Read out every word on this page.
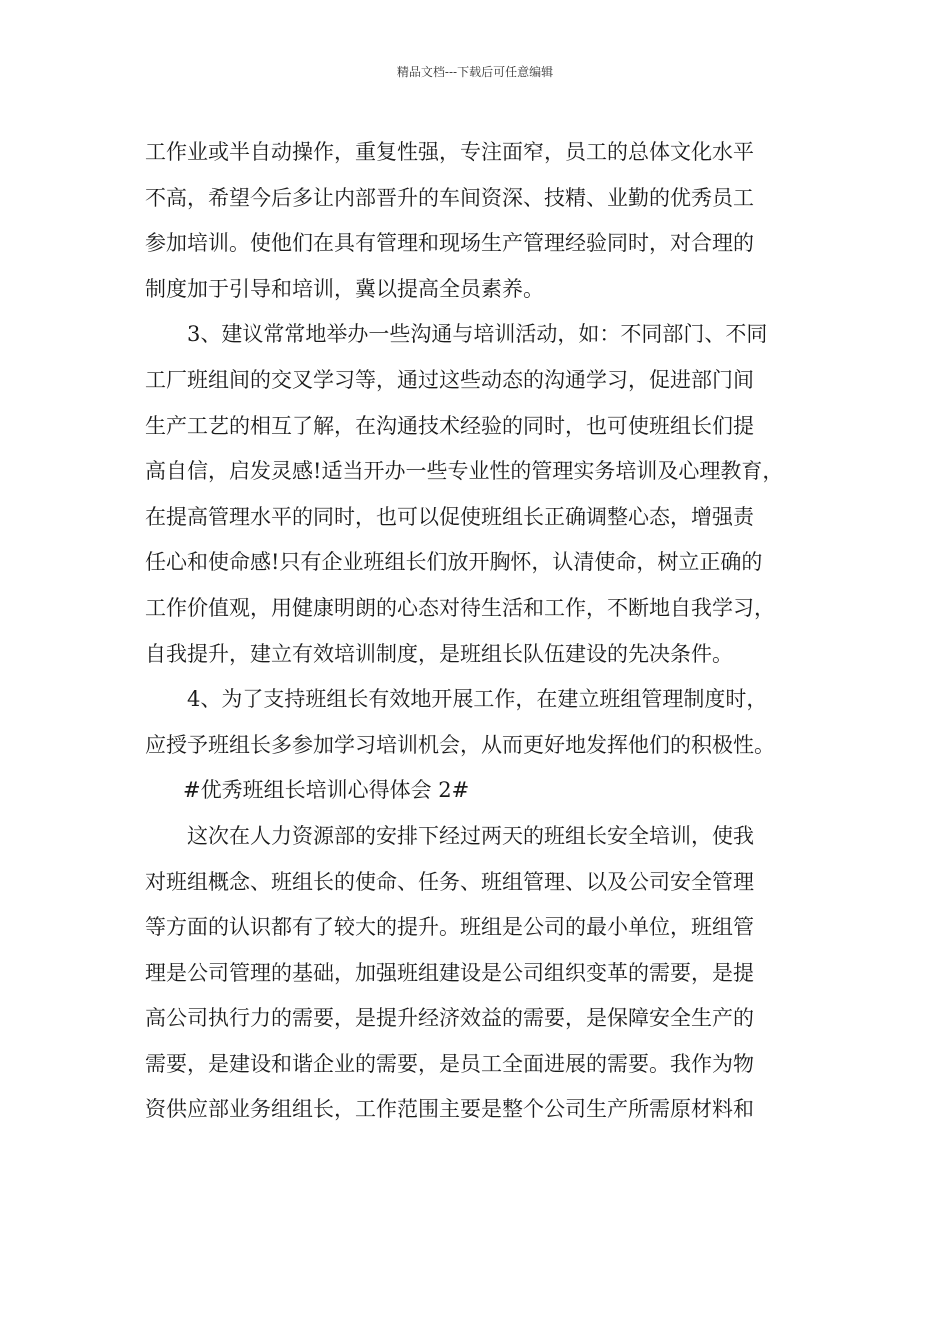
精品文档---下载后可任意编辑

工作业或半自动操作，重复性强，专注面窄，员工的总体文化水平

不高，希望今后多让内部晋升的车间资深、技精、业勤的优秀员工

参加培训。使他们在具有管理和现场生产管理经验同时，对合理的

制度加于引导和培训，冀以提高全员素养。

3、建议常常地举办一些沟通与培训活动，如：不同部门、不同

工厂班组间的交叉学习等，通过这些动态的沟通学习，促进部门间

生产工艺的相互了解，在沟通技术经验的同时，也可使班组长们提

高自信，启发灵感!适当开办一些专业性的管理实务培训及心理教育，

在提高管理水平的同时，也可以促使班组长正确调整心态，增强责

任心和使命感!只有企业班组长们放开胸怀，认清使命，树立正确的

工作价值观，用健康明朗的心态对待生活和工作，不断地自我学习，

自我提升，建立有效培训制度，是班组长队伍建设的先决条件。

4、为了支持班组长有效地开展工作，在建立班组管理制度时，

应授予班组长多参加学习培训机会，从而更好地发挥他们的积极性。

#优秀班组长培训心得体会 2#

这次在人力资源部的安排下经过两天的班组长安全培训，使我

对班组概念、班组长的使命、任务、班组管理、以及公司安全管理

等方面的认识都有了较大的提升。班组是公司的最小单位，班组管

理是公司管理的基础，加强班组建设是公司组织变革的需要，是提

高公司执行力的需要，是提升经济效益的需要，是保障安全生产的

需要，是建设和谐企业的需要，是员工全面进展的需要。我作为物

资供应部业务组组长，工作范围主要是整个公司生产所需原材料和
